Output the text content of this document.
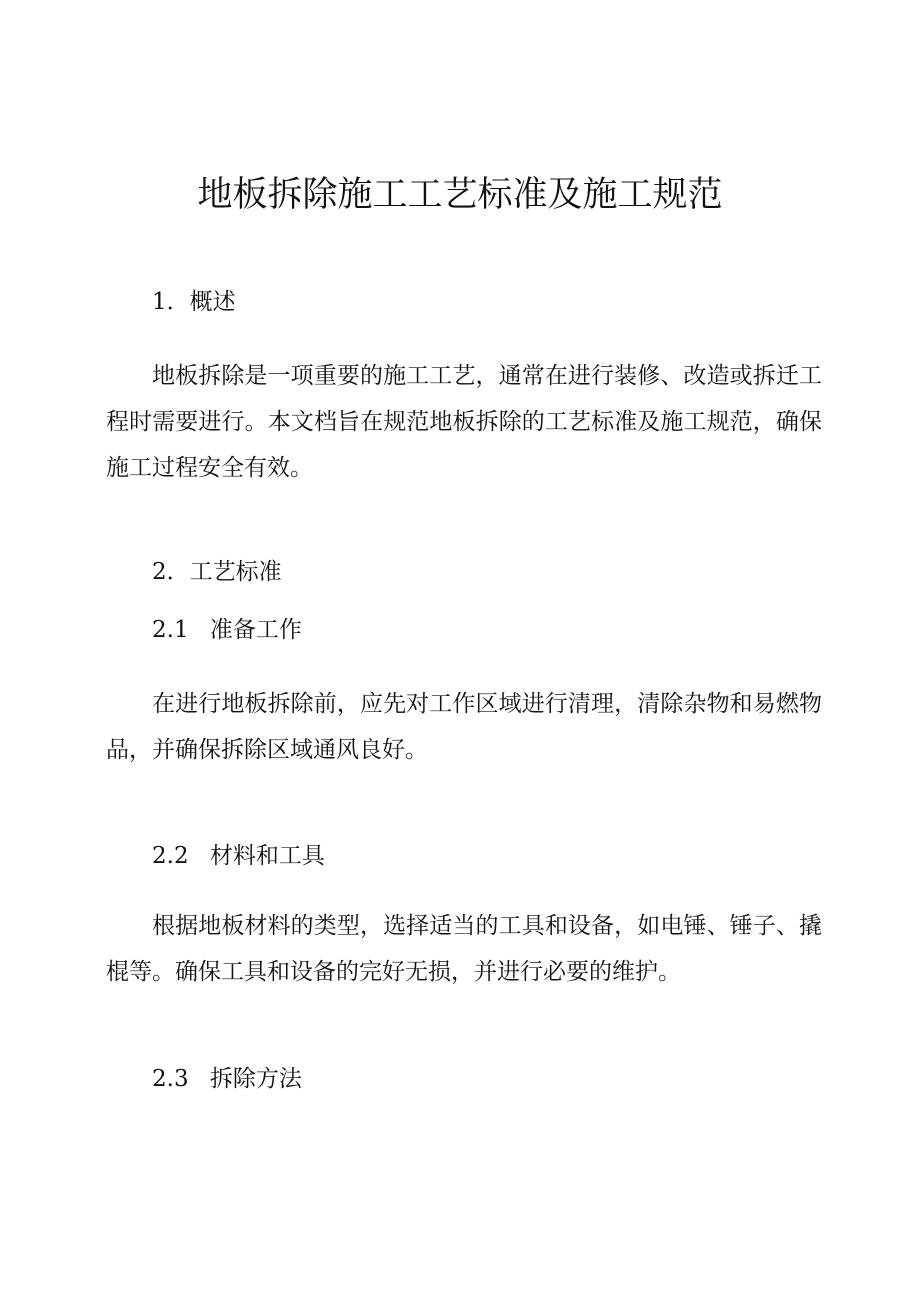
地板拆除施工工艺标准及施工规范
1．概述

地板拆除是一项重要的施工工艺，通常在进行装修、改造或拆迁工程时需要进行。本文档旨在规范地板拆除的工艺标准及施工规范，确保施工过程安全有效。

2．工艺标准
2.1 准备工作

在进行地板拆除前，应先对工作区域进行清理，清除杂物和易燃物品，并确保拆除区域通风良好。

2.2 材料和工具

根据地板材料的类型，选择适当的工具和设备，如电锤、锤子、撬棍等。确保工具和设备的完好无损，并进行必要的维护。

2.3 拆除方法
